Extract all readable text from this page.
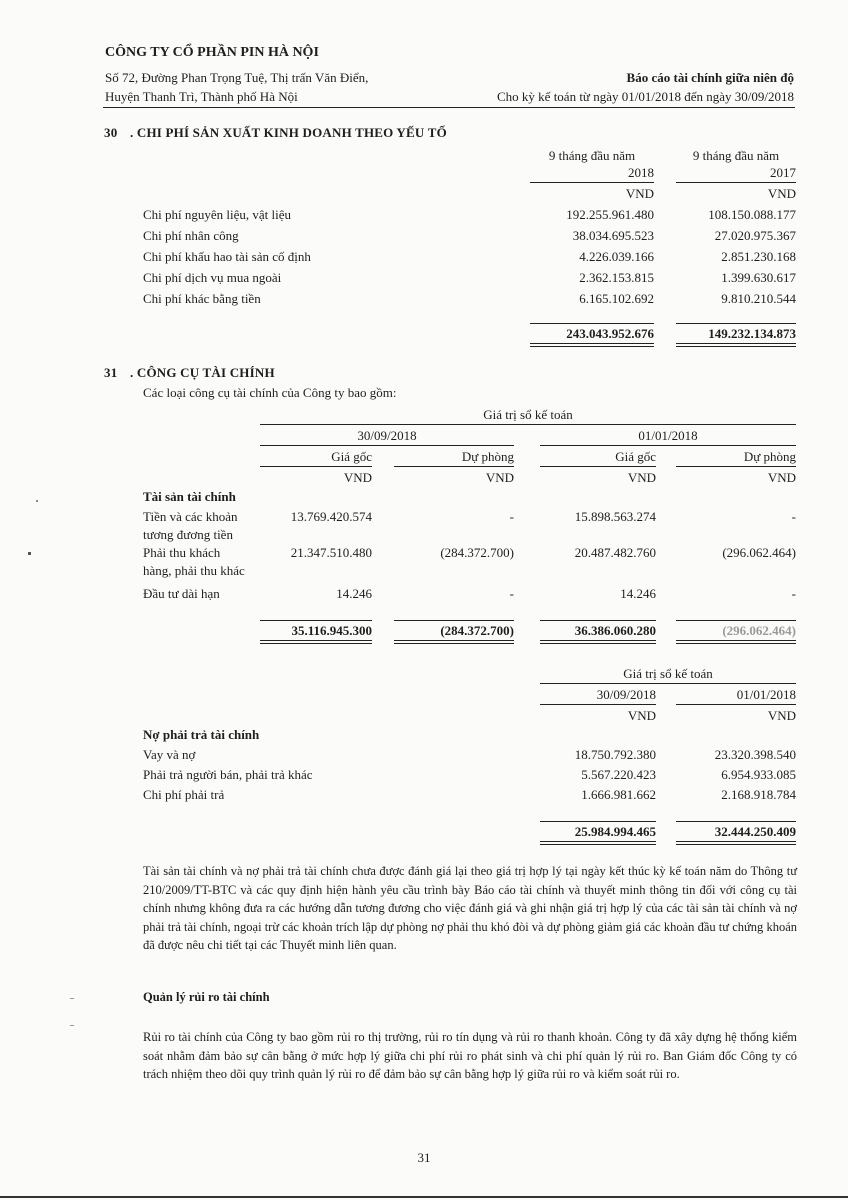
CÔNG TY CỔ PHẦN PIN HÀ NỘI
Số 72, Đường Phan Trọng Tuệ, Thị trấn Văn Điển,
Huyện Thanh Trì, Thành phố Hà Nội
Báo cáo tài chính giữa niên độ
Cho kỳ kế toán từ ngày 01/01/2018 đến ngày 30/09/2018
30 . CHI PHÍ SẢN XUẤT KINH DOANH THEO YẾU TỐ
9 tháng đầu năm
2018
VND
9 tháng đầu năm
2017
VND
Chi phí nguyên liệu, vật liệu	192.255.961.480	108.150.088.177
Chi phí nhân công	38.034.695.523	27.020.975.367
Chi phí khấu hao tài sản cố định	4.226.039.166	2.851.230.168
Chi phí dịch vụ mua ngoài	2.362.153.815	1.399.630.617
Chi phí khác bằng tiền	6.165.102.692	9.810.210.544
243.043.952.676	149.232.134.873
31 . CÔNG CỤ TÀI CHÍNH
Các loại công cụ tài chính của Công ty bao gồm:
Giá trị sổ kế toán
30/09/2018	01/01/2018
Giá gốc	Dự phòng	Giá gốc	Dự phòng
VND	VND	VND	VND
Tài sản tài chính
Tiền và các khoản
tương đương tiền
13.769.420.574	-	15.898.563.274	-
Phải thu khách
hàng, phải thu khác
21.347.510.480	(284.372.700)	20.487.482.760	(296.062.464)
Đầu tư dài hạn	14.246	-	14.246	-
35.116.945.300	(284.372.700)	36.386.060.280	(296.062.464)
Giá trị sổ kế toán
30/09/2018	01/01/2018
VND	VND
Nợ phải trả tài chính
Vay và nợ	18.750.792.380	23.320.398.540
Phải trả người bán, phải trả khác	5.567.220.423	6.954.933.085
Chi phí phải trả	1.666.981.662	2.168.918.784
25.984.994.465	32.444.250.409
Tài sản tài chính và nợ phải trả tài chính chưa được đánh giá lại theo giá trị hợp lý tại ngày kết thúc kỳ kế toán năm do Thông tư 210/2009/TT-BTC và các quy định hiện hành yêu cầu trình bày Báo cáo tài chính và thuyết minh thông tin đối với công cụ tài chính nhưng không đưa ra các hướng dẫn tương đương cho việc đánh giá và ghi nhận giá trị hợp lý của các tài sản tài chính và nợ phải trả tài chính, ngoại trừ các khoản trích lập dự phòng nợ phải thu khó đòi và dự phòng giảm giá các khoản đầu tư chứng khoán đã được nêu chi tiết tại các Thuyết minh liên quan.
Quản lý rủi ro tài chính
Rủi ro tài chính của Công ty bao gồm rủi ro thị trường, rủi ro tín dụng và rủi ro thanh khoản. Công ty đã xây dựng hệ thống kiểm soát nhằm đảm bảo sự cân bằng ở mức hợp lý giữa chi phí rủi ro phát sinh và chi phí quản lý rủi ro. Ban Giám đốc Công ty có trách nhiệm theo dõi quy trình quản lý rủi ro để đảm bảo sự cân bằng hợp lý giữa rủi ro và kiểm soát rủi ro.
31
